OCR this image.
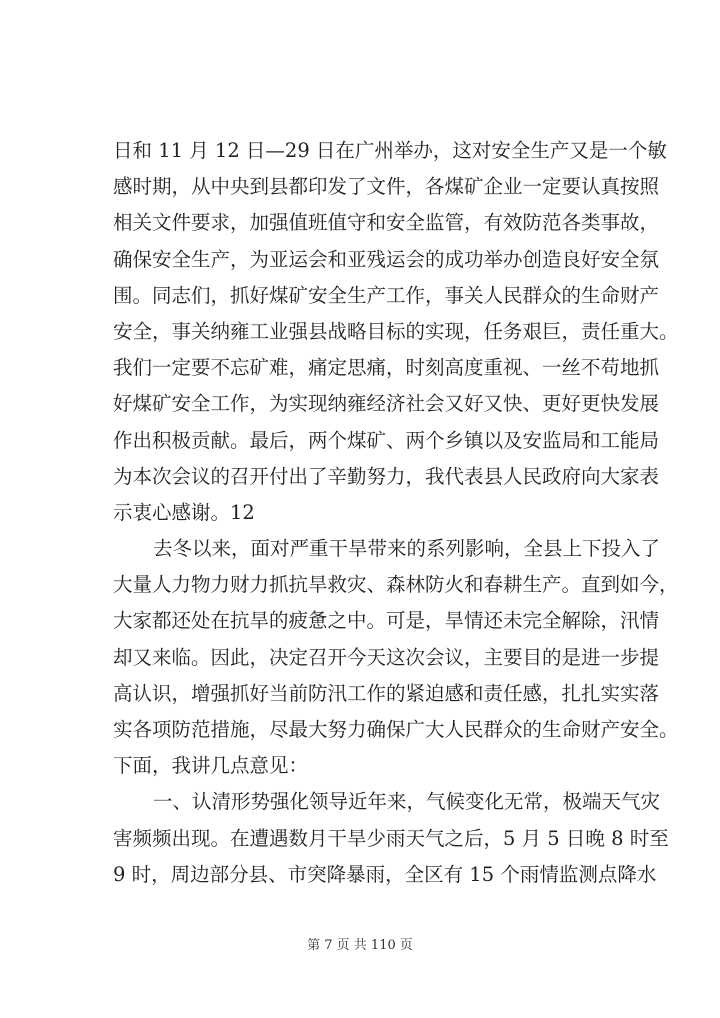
日和 11 月 12 日—29 日在广州举办，这对安全生产又是一个敏
感时期，从中央到县都印发了文件，各煤矿企业一定要认真按照
相关文件要求，加强值班值守和安全监管，有效防范各类事故，
确保安全生产，为亚运会和亚残运会的成功举办创造良好安全氛
围。同志们，抓好煤矿安全生产工作，事关人民群众的生命财产
安全，事关纳雍工业强县战略目标的实现，任务艰巨，责任重大。
我们一定要不忘矿难，痛定思痛，时刻高度重视、一丝不苟地抓
好煤矿安全工作，为实现纳雍经济社会又好又快、更好更快发展
作出积极贡献。最后，两个煤矿、两个乡镇以及安监局和工能局
为本次会议的召开付出了辛勤努力，我代表县人民政府向大家表
示衷心感谢。12
去冬以来，面对严重干旱带来的系列影响，全县上下投入了
大量人力物力财力抓抗旱救灾、森林防火和春耕生产。直到如今，
大家都还处在抗旱的疲惫之中。可是，旱情还未完全解除，汛情
却又来临。因此，决定召开今天这次会议，主要目的是进一步提
高认识，增强抓好当前防汛工作的紧迫感和责任感，扎扎实实落
实各项防范措施，尽最大努力确保广大人民群众的生命财产安全。
下面，我讲几点意见：
一、认清形势强化领导近年来，气候变化无常，极端天气灾
害频频出现。在遭遇数月干旱少雨天气之后，5 月 5 日晚 8 时至
9 时，周边部分县、市突降暴雨，全区有 15 个雨情监测点降水
第 7 页 共 110 页
